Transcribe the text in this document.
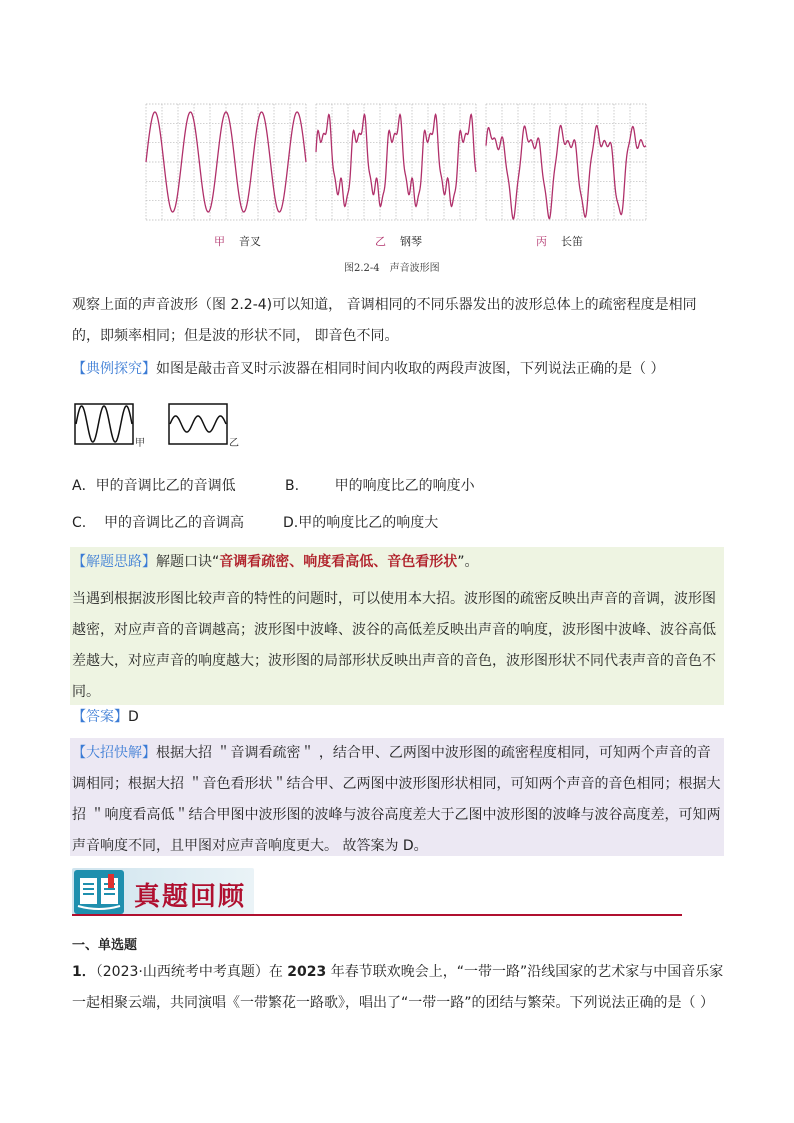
甲 音叉	乙 钢琴	丙 长笛
图2.2-4　声音波形图
观察上面的声音波形（图 2.2-4)可以知道， 音调相同的不同乐器发出的波形总体上的疏密程度是相同的，即频率相同；但是波的形状不同， 即音色不同。
【典例探究】如图是敲击音叉时示波器在相同时间内收取的两段声波图，下列说法正确的是（ ）
甲	乙
A．甲的音调比乙的音调低	B.        甲的响度比乙的响度小
C.    甲的音调比乙的音调高	D.甲的响度比乙的响度大
【解题思路】解题口诀“音调看疏密、响度看高低、音色看形状”。
当遇到根据波形图比较声音的特性的问题时，可以使用本大招。波形图的疏密反映出声音的音调，波形图越密，对应声音的音调越高；波形图中波峰、波谷的高低差反映出声音的响度，波形图中波峰、波谷高低差越大，对应声音的响度越大；波形图的局部形状反映出声音的音色，波形图形状不同代表声音的音色不同。
【答案】D
【大招快解】根据大招 ＂音调看疏密＂ ，结合甲、乙两图中波形图的疏密程度相同，可知两个声音的音调相同；根据大招 ＂音色看形状＂结合甲、乙两图中波形图形状相同，可知两个声音的音色相同；根据大招 ＂响度看高低＂结合甲图中波形图的波峰与波谷高度差大于乙图中波形图的波峰与波谷高度差，可知两声音响度不同，且甲图对应声音响度更大。 故答案为 D。
真题回顾
一、单选题
1．（2023·山西统考中考真题）在 2023 年春节联欢晚会上，“一带一路”沿线国家的艺术家与中国音乐家一起相聚云端，共同演唱《一带繁花一路歌》，唱出了“一带一路”的团结与繁荣。下列说法正确的是（ ）
